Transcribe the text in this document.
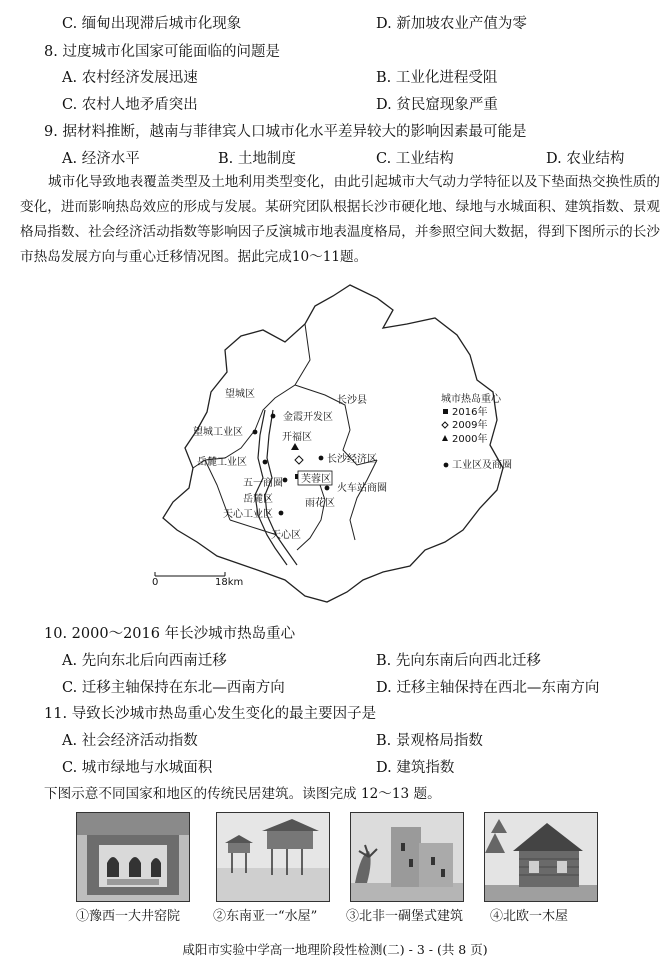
C. 缅甸出现滞后城市化现象	D. 新加坡农业产值为零
8. 过度城市化国家可能面临的问题是
A. 农村经济发展迅速	B. 工业化进程受阻
C. 农村人地矛盾突出	D. 贫民窟现象严重
9. 据材料推断，越南与菲律宾人口城市化水平差异较大的影响因素最可能是
A. 经济水平	B. 土地制度	C. 工业结构	D. 农业结构
城市化导致地表覆盖类型及土地利用类型变化，由此引起城市大气动力学特征以及下垫面热交换性质的变化，进而影响热岛效应的形成与发展。某研究团队根据长沙市硬化地、绿地与水城面积、建筑指数、景观格局指数、社会经济活动指数等影响因子反演城市地表温度格局，并参照空间大数据，得到下图所示的长沙市热岛发展方向与重心迁移情况图。据此完成10～11题。
望城区
长沙县
望城工业区
金霞开发区
开福区
岳麓工业区	长沙经济区
五一商圈 芙蓉区
火车站商圈
岳麓区	雨花区
天心工业区
天心区
城市热岛重心
2016年
2009年
2000年
工业区及商圈
0	18km
10. 2000～2016 年长沙城市热岛重心
A. 先向东北后向西南迁移	B. 先向东南后向西北迁移
C. 迁移主轴保持在东北—西南方向	D. 迁移主轴保持在西北—东南方向
11. 导致长沙城市热岛重心发生变化的最主要因子是
A. 社会经济活动指数	B. 景观格局指数
C. 城市绿地与水城面积	D. 建筑指数
下图示意不同国家和地区的传统民居建筑。读图完成 12～13 题。
①豫西一大井窑院	②东南亚一“水屋” ③北非一碉堡式建筑 ④北欧一木屋
咸阳市实验中学高一地理阶段性检测(二) - 3 - (共 8 页)
